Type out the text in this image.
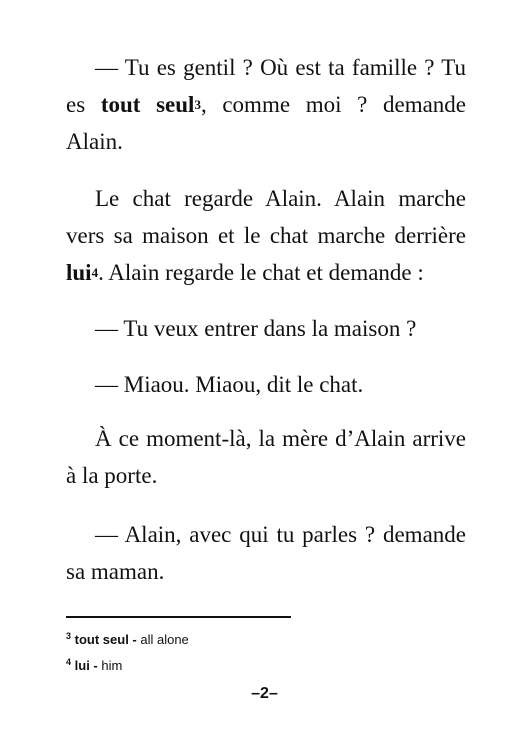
— Tu es gentil ? Où est ta famille ? Tu es tout seul$^3$, comme moi ? demande Alain.

Le chat regarde Alain. Alain marche vers sa maison et le chat marche derrière lui$^4$. Alain regarde le chat et demande :

— Tu veux entrer dans la maison ?

— Miaou. Miaou, dit le chat.

À ce moment-là, la mère d’Alain arrive à la porte.

— Alain, avec qui tu parles ? demande sa maman.

$^3$ tout seul - all alone

$^4$ lui - him

–2–
